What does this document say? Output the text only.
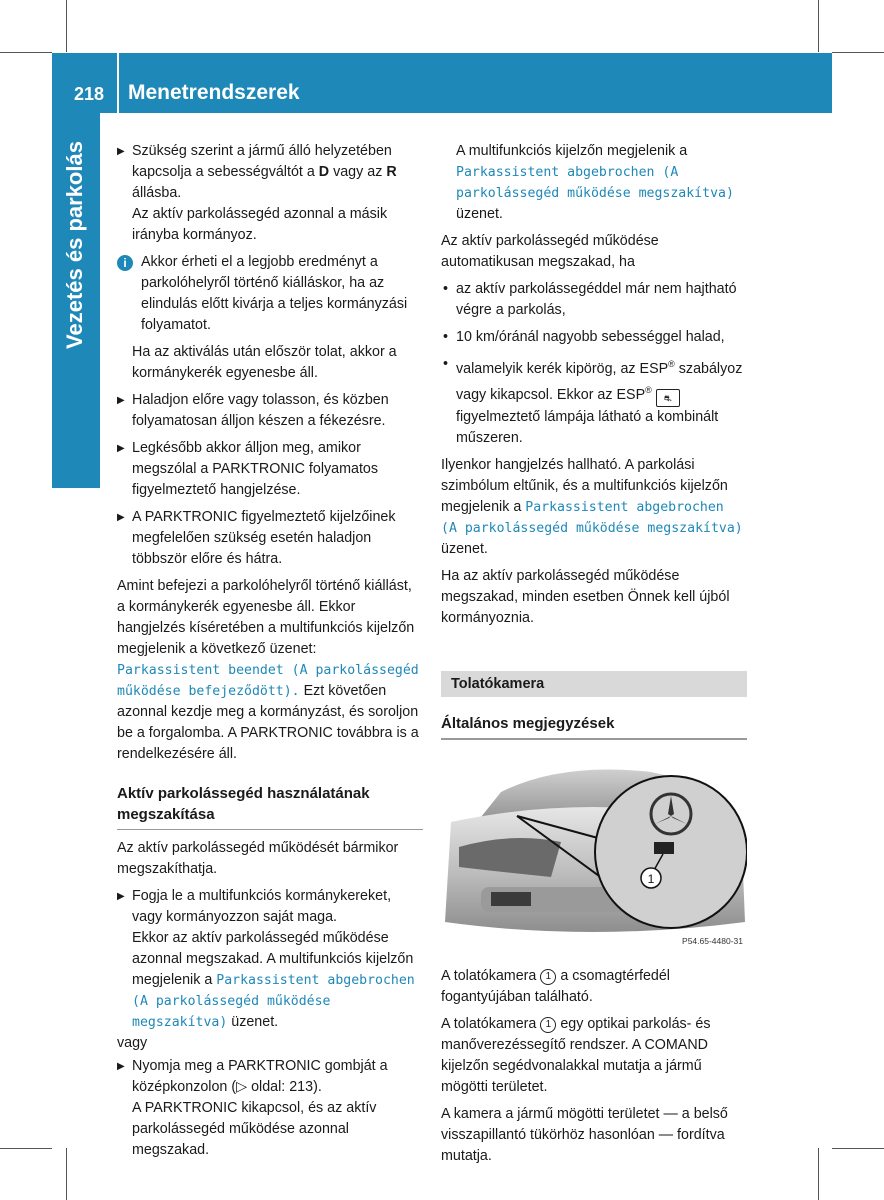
218 Menetrendszerek
Vezetés és parkolás
▶	Szükség szerint a jármű álló helyzetében kapcsolja a sebességváltót a D vagy az R állásba.
Az aktív parkolássegéd azonnal a másik irányba kormányoz.
i	Akkor érheti el a legjobb eredményt a parkolóhelyről történő kiálláskor, ha az elindulás előtt kivárja a teljes kormányzási folyamatot.
Ha az aktiválás után először tolat, akkor a kormánykerék egyenesbe áll.
▶ Haladjon előre vagy tolasson, és közben folyamatosan álljon készen a fékezésre.
▶ Legkésőbb akkor álljon meg, amikor megszólal a PARKTRONIC folyamatos figyelmeztető hangjelzése.
▶ A PARKTRONIC figyelmeztető kijelzőinek megfelelően szükség esetén haladjon többször előre és hátra.

Amint befejezi a parkolóhelyről történő kiállást, a kormánykerék egyenesbe áll. Ekkor hangjelzés kíséretében a multifunkciós kijelzőn megjelenik a következő üzenet: Parkassistent beendet (A parkolássegéd működése befejeződött). Ezt követően azonnal kezdje meg a kormányzást, és soroljon be a forgalomba. A PARKTRONIC továbbra is a rendelkezésére áll.

Aktív parkolássegéd használatának megszakítása

Az aktív parkolássegéd működését bármikor megszakíthatja.

▶ Fogja le a multifunkciós kormánykereket, vagy kormányozzon saját maga.
Ekkor az aktív parkolássegéd működése azonnal megszakad. A multifunkciós kijelzőn megjelenik a Parkassistent abgebrochen (A parkolássegéd működése megszakítva) üzenet.

vagy

▶ Nyomja meg a PARKTRONIC gombját a középkonzolon (▷ oldal: 213).
A PARKTRONIC kikapcsol, és az aktív parkolássegéd működése azonnal megszakad.
A multifunkciós kijelzőn megjelenik a Parkassistent abgebrochen (A parkolássegéd működése megszakítva) üzenet.

Az aktív parkolássegéd működése automatikusan megszakad, ha

• az aktív parkolássegéddel már nem hajtható végre a parkolás,
• 10 km/óránál nagyobb sebességgel halad,
• valamelyik kerék kipörög, az ESP® szabályoz vagy kikapcsol. Ekkor az ESP® ⛐ figyelmeztető lámpája látható a kombinált műszeren.

Ilyenkor hangjelzés hallható. A parkolási szimbólum eltűnik, és a multifunkciós kijelzőn megjelenik a Parkassistent abgebrochen (A parkolássegéd működése megszakítva) üzenet.

Ha az aktív parkolássegéd működése megszakad, minden esetben Önnek kell újból kormányoznia.

Tolatókamera
Általános megjegyzések
1
P54.65-4480-31

A tolatókamera 1 a csomagtérfedél fogantyújában található.

A tolatókamera 1 egy optikai parkolás- és manőverezéssegítő rendszer. A COMAND kijelzőn segédvonalakkal mutatja a jármű mögötti területet.

A kamera a jármű mögötti területet — a belső visszapillantó tükörhöz hasonlóan — fordítva mutatja.
